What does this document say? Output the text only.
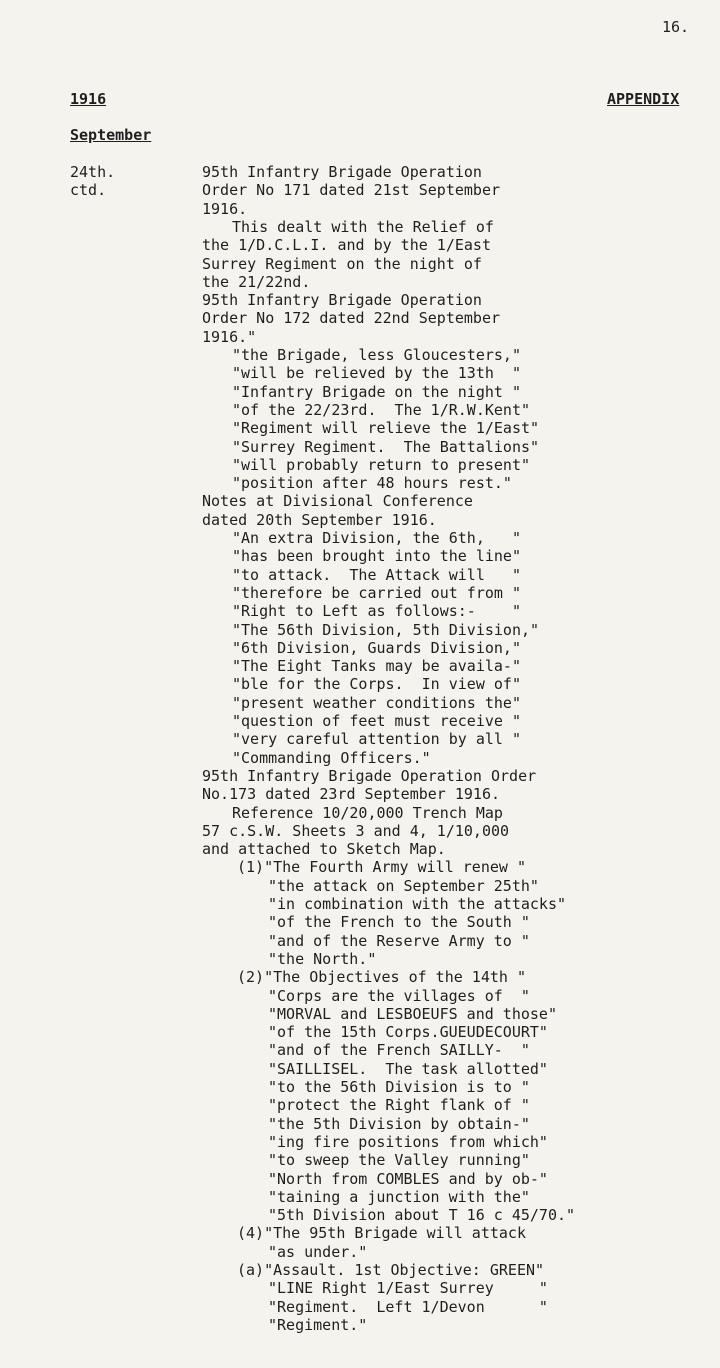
16.
1916	APPENDIX
September
24th.
ctd.
95th Infantry Brigade Operation
Order No 171 dated 21st September
1916.
This dealt with the Relief of
the 1/D.C.L.I. and by the 1/East
Surrey Regiment on the night of
the 21/22nd.
95th Infantry Brigade Operation
Order No 172 dated 22nd September
1916."
"the Brigade, less Gloucesters,"
"will be relieved by the 13th  "
"Infantry Brigade on the night "
"of the 22/23rd.  The 1/R.W.Kent"
"Regiment will relieve the 1/East"
"Surrey Regiment.  The Battalions"
"will probably return to present"
"position after 48 hours rest."
Notes at Divisional Conference
dated 20th September 1916.
"An extra Division, the 6th,   "
"has been brought into the line"
"to attack.  The Attack will   "
"therefore be carried out from "
"Right to Left as follows:-    "
"The 56th Division, 5th Division,"
"6th Division, Guards Division,"
"The Eight Tanks may be availa-"
"ble for the Corps.  In view of"
"present weather conditions the"
"question of feet must receive "
"very careful attention by all "
"Commanding Officers."
95th Infantry Brigade Operation Order
No.173 dated 23rd September 1916.
Reference 10/20,000 Trench Map
57 c.S.W. Sheets 3 and 4, 1/10,000
and attached to Sketch Map.
(1)"The Fourth Army will renew "
"the attack on September 25th"
"in combination with the attacks"
"of the French to the South "
"and of the Reserve Army to "
"the North."
(2)"The Objectives of the 14th "
"Corps are the villages of  "
"MORVAL and LESBOEUFS and those"
"of the 15th Corps.GUEUDECOURT"
"and of the French SAILLY-  "
"SAILLISEL.  The task allotted"
"to the 56th Division is to "
"protect the Right flank of "
"the 5th Division by obtain-"
"ing fire positions from which"
"to sweep the Valley running"
"North from COMBLES and by ob-"
"taining a junction with the"
"5th Division about T 16 c 45/70."
(4)"The 95th Brigade will attack
"as under."
(a)"Assault. 1st Objective: GREEN"
"LINE Right 1/East Surrey     "
"Regiment.  Left 1/Devon      "
"Regiment."
